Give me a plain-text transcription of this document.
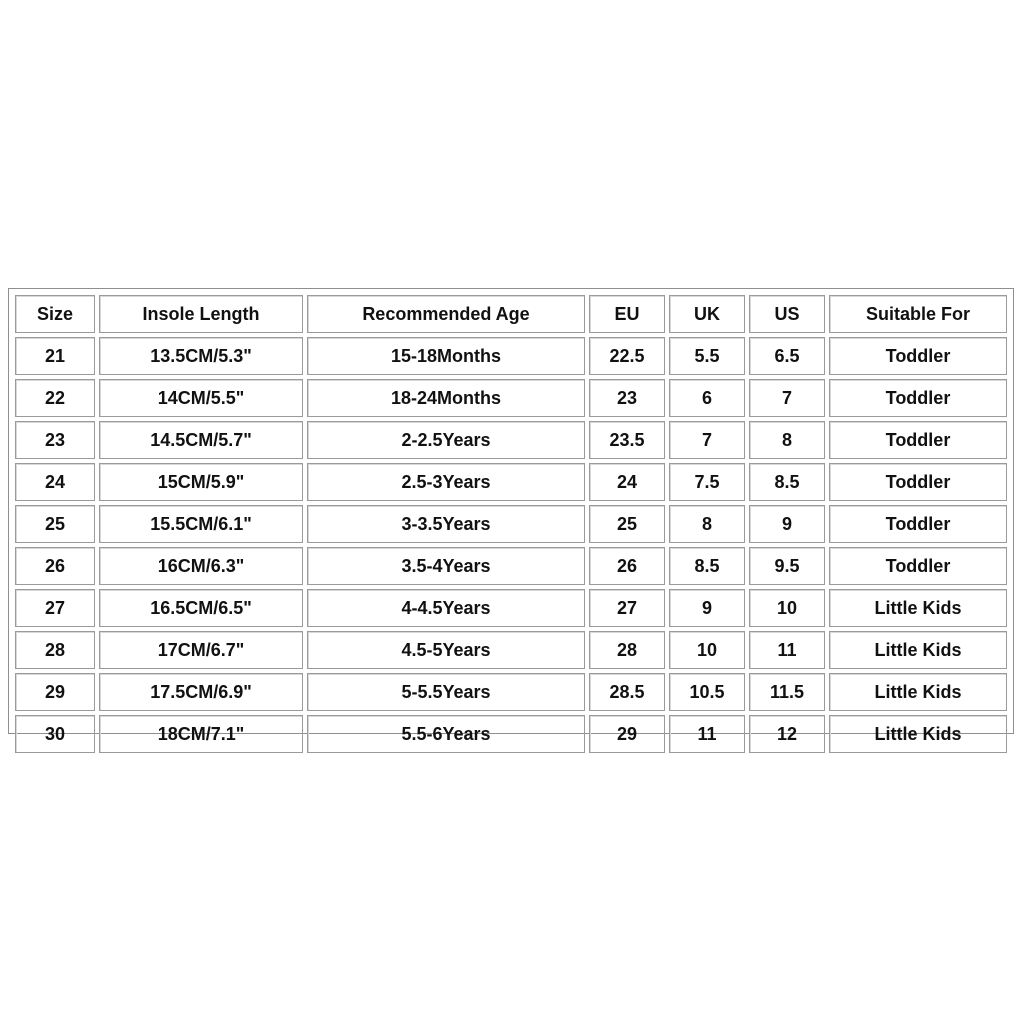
Size	Insole Length	Recommended Age	EU	UK	US	Suitable For
21	13.5CM/5.3"	15-18Months	22.5	5.5	6.5	Toddler
22	14CM/5.5"	18-24Months	23	6	7	Toddler
23	14.5CM/5.7"	2-2.5Years	23.5	7	8	Toddler
24	15CM/5.9"	2.5-3Years	24	7.5	8.5	Toddler
25	15.5CM/6.1"	3-3.5Years	25	8	9	Toddler
26	16CM/6.3"	3.5-4Years	26	8.5	9.5	Toddler
27	16.5CM/6.5"	4-4.5Years	27	9	10	Little Kids
28	17CM/6.7"	4.5-5Years	28	10	11	Little Kids
29	17.5CM/6.9"	5-5.5Years	28.5	10.5	11.5	Little Kids
30	18CM/7.1"	5.5-6Years	29	11	12	Little Kids
